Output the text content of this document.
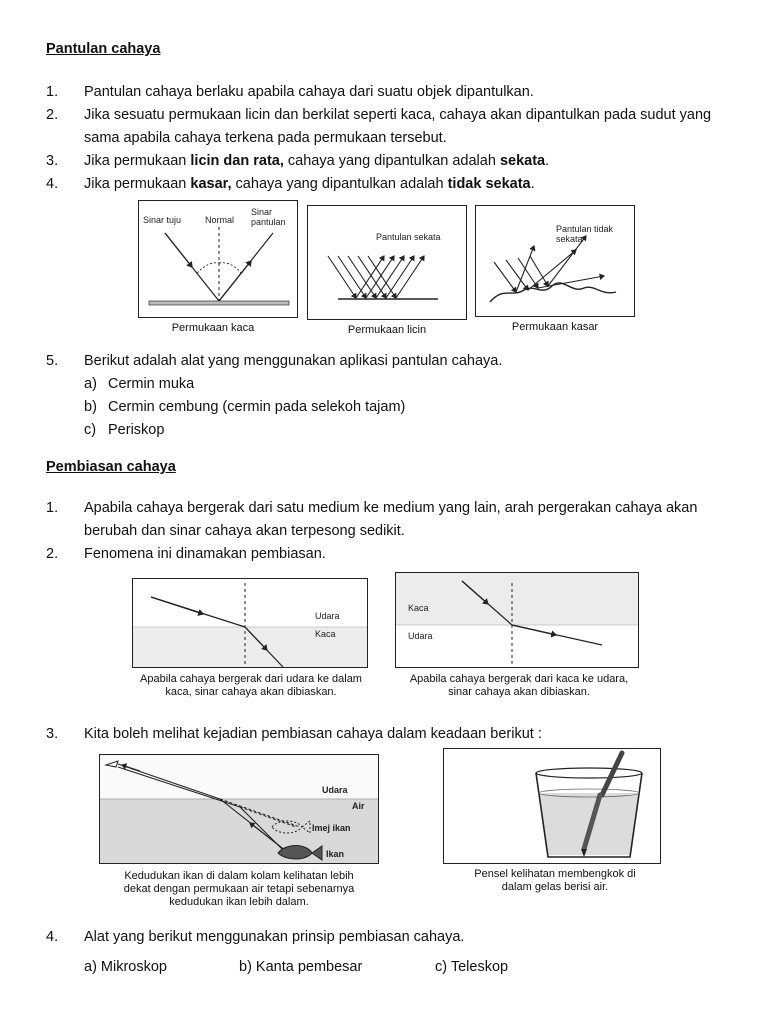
Pantulan cahaya
1.	Pantulan cahaya berlaku apabila cahaya dari suatu objek dipantulkan.
2.	Jika sesuatu permukaan licin dan berkilat seperti kaca, cahaya akan dipantulkan pada sudut yang
sama apabila cahaya terkena pada permukaan tersebut.
3.	Jika permukaan licin dan rata, cahaya yang dipantulkan adalah sekata.
4.	Jika permukaan kasar, cahaya yang dipantulkan adalah tidak sekata.
Sinar tuju	Normal
Sinar
pantulan
Permukaan kaca
Pantulan sekata
Permukaan licin
Pantulan tidak
sekata
Permukaan kasar
5.	Berikut adalah alat yang menggunakan aplikasi pantulan cahaya.
a) Cermin muka
b) Cermin cembung (cermin pada selekoh tajam)
c) Periskop
Pembiasan cahaya
1.	Apabila cahaya bergerak dari satu medium ke medium yang lain, arah pergerakan cahaya akan
berubah dan sinar cahaya akan terpesong sedikit.
2.	Fenomena ini dinamakan pembiasan.
Udara
Kaca
Apabila cahaya bergerak dari udara ke dalam
kaca, sinar cahaya akan dibiaskan.
Kaca
Udara
Apabila cahaya bergerak dari kaca ke udara,
sinar cahaya akan dibiaskan.
3.	Kita boleh melihat kejadian pembiasan cahaya dalam keadaan berikut :
Udara
Air
Imej ikan
Ikan
Kedudukan ikan di dalam kolam kelihatan lebih
dekat dengan permukaan air tetapi sebenarnya
kedudukan ikan lebih dalam.
Pensel kelihatan membengkok di
dalam gelas berisi air.
4.	Alat yang berikut menggunakan prinsip pembiasan cahaya.
a) Mikroskop	b) Kanta pembesar	c) Teleskop
